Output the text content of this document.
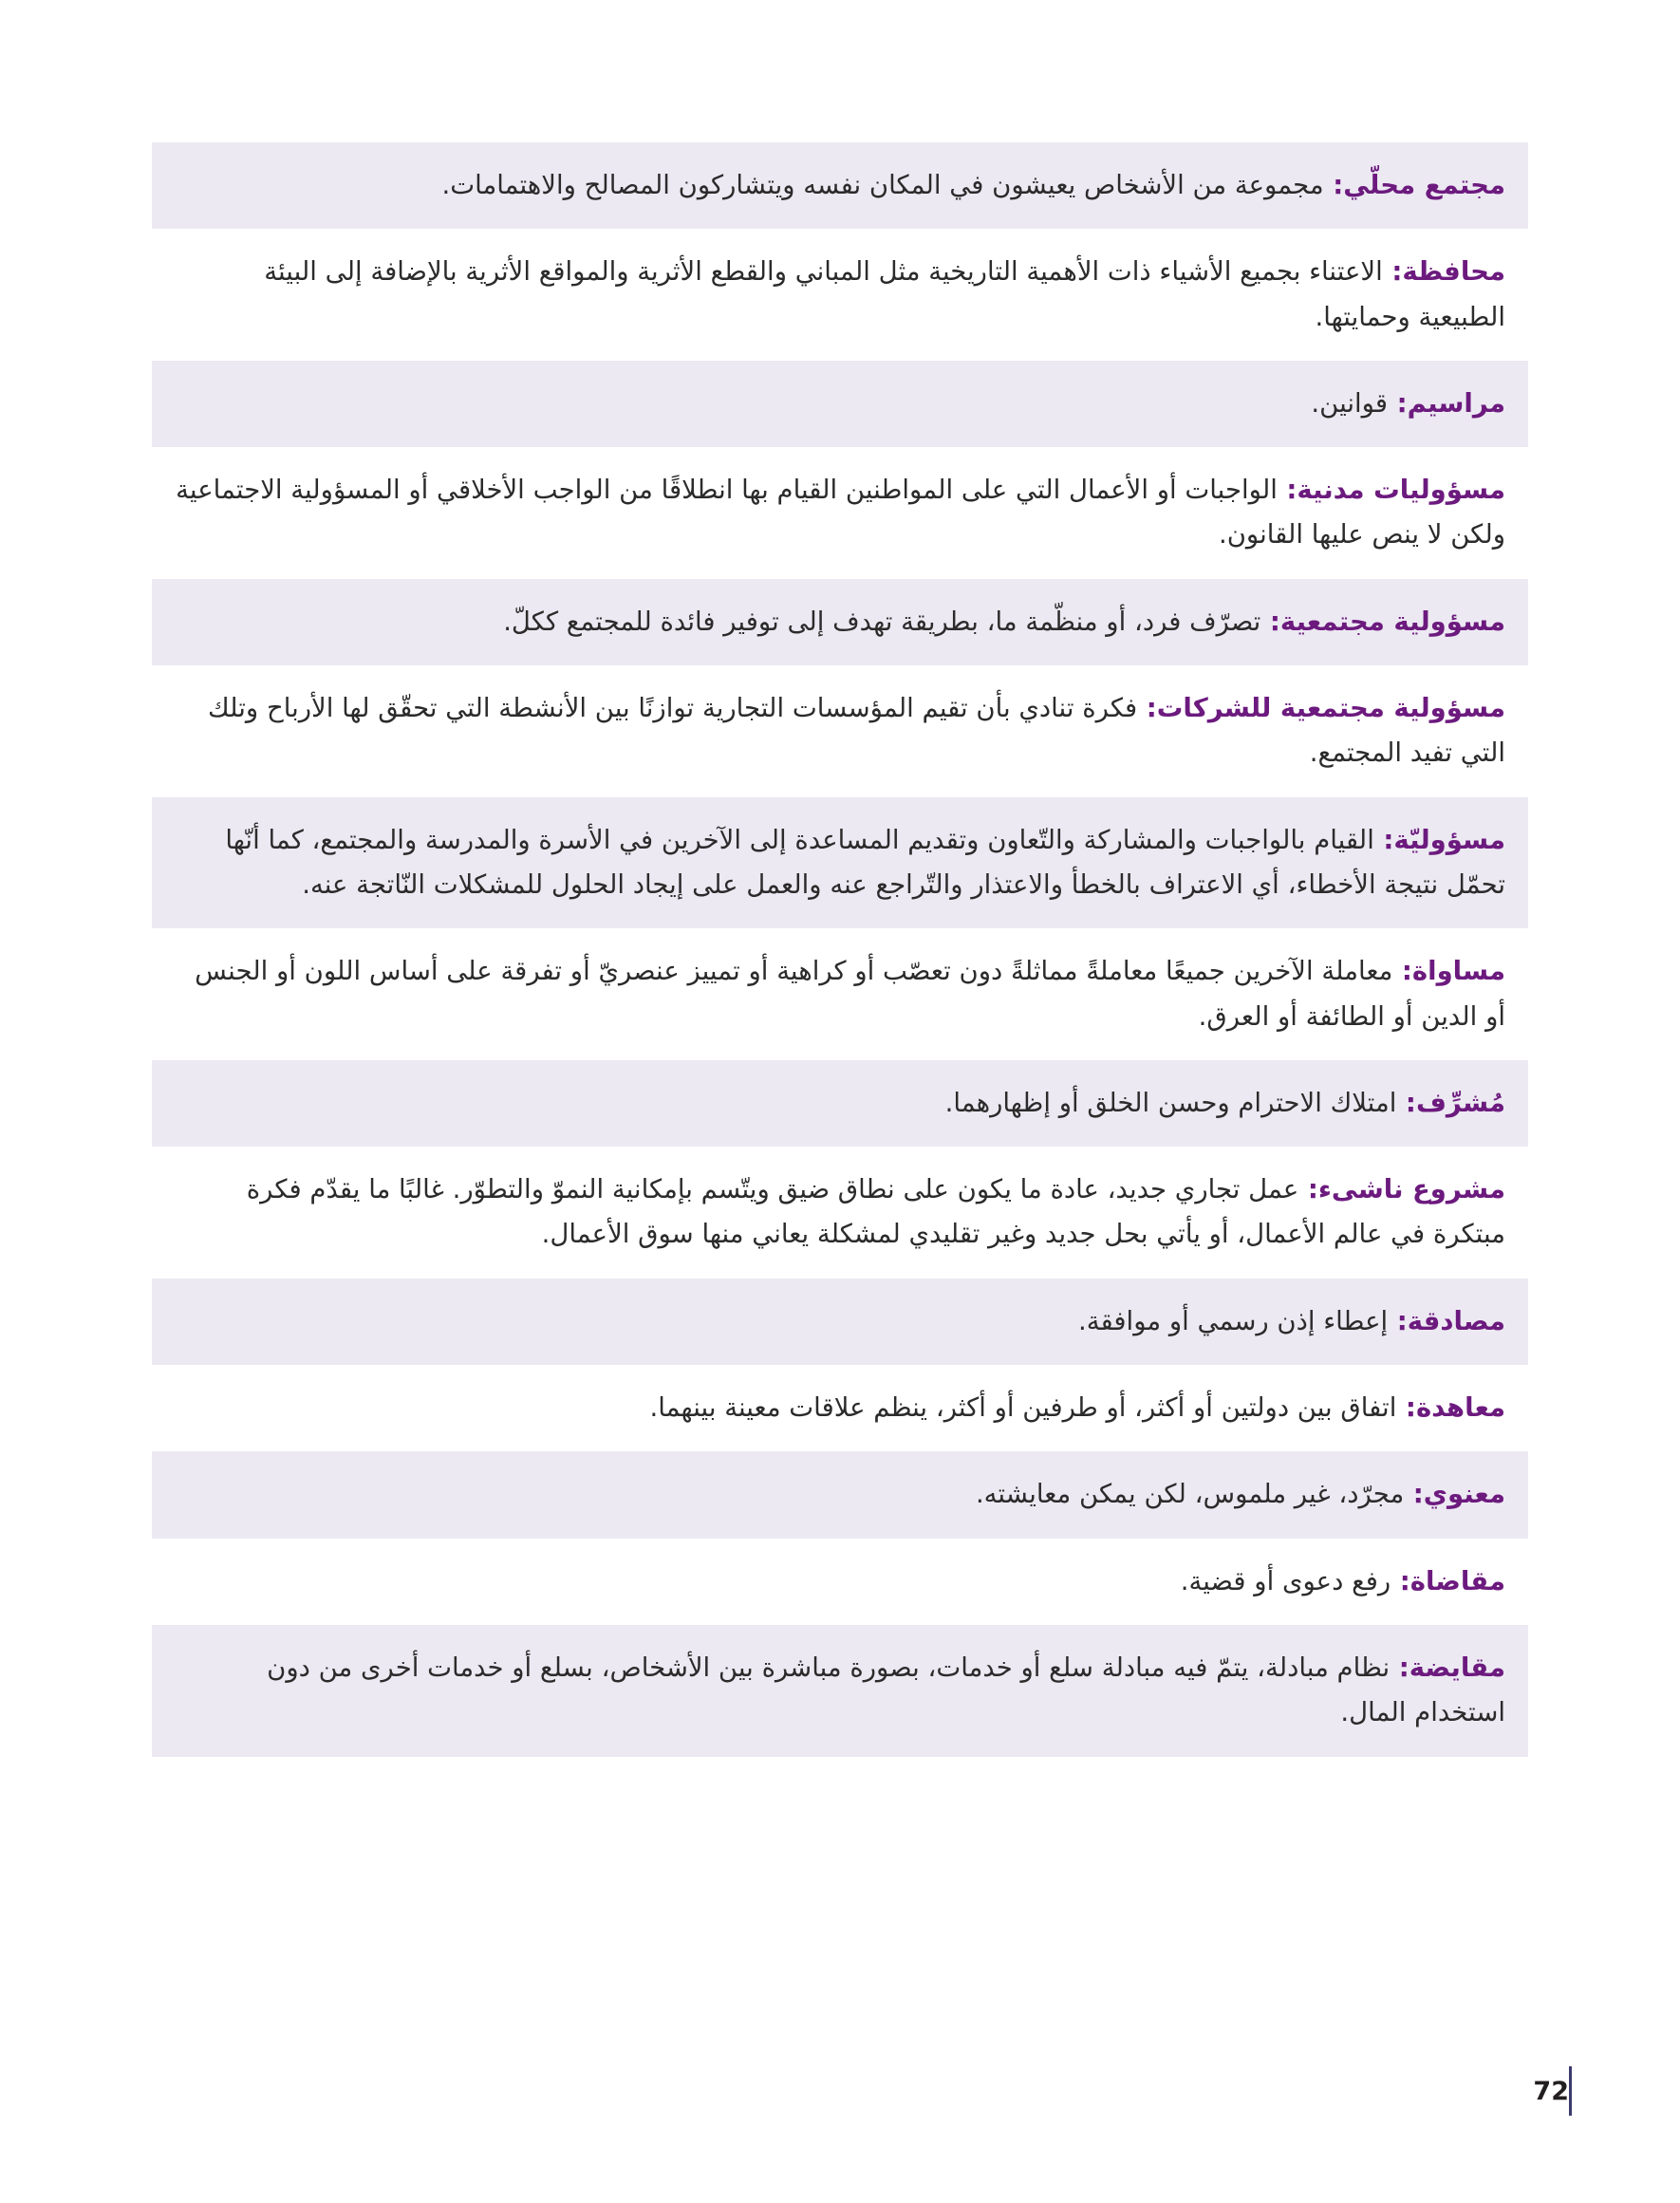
مجتمع محلّي: مجموعة من الأشخاص يعيشون في المكان نفسه ويتشاركون المصالح والاهتمامات.
محافظة: الاعتناء بجميع الأشياء ذات الأهمية التاريخية مثل المباني والقطع الأثرية والمواقع الأثرية بالإضافة إلى البيئة الطبيعية وحمايتها.
مراسيم: قوانين.
مسؤوليات مدنية: الواجبات أو الأعمال التي على المواطنين القيام بها انطلاقًا من الواجب الأخلاقي أو المسؤولية الاجتماعية ولكن لا ينص عليها القانون.
مسؤولية مجتمعية: تصرّف فرد، أو منظّمة ما، بطريقة تهدف إلى توفير فائدة للمجتمع ككلّ.
مسؤولية مجتمعية للشركات: فكرة تنادي بأن تقيم المؤسسات التجارية توازنًا بين الأنشطة التي تحقّق لها الأرباح وتلك التي تفيد المجتمع.
مسؤوليّة: القيام بالواجبات والمشاركة والتّعاون وتقديم المساعدة إلى الآخرين في الأسرة والمدرسة والمجتمع، كما أنّها تحمّل نتيجة الأخطاء، أي الاعتراف بالخطأ والاعتذار والتّراجع عنه والعمل على إيجاد الحلول للمشكلات النّاتجة عنه.
مساواة: معاملة الآخرين جميعًا معاملةً مماثلةً دون تعصّب أو كراهية أو تمييز عنصريّ أو تفرقة على أساس اللون أو الجنس أو الدين أو الطائفة أو العرق.
مُشرِّف: امتلاك الاحترام وحسن الخلق أو إظهارهما.
مشروع ناشىء: عمل تجاري جديد، عادة ما يكون على نطاق ضيق ويتّسم بإمكانية النموّ والتطوّر. غالبًا ما يقدّم فكرة مبتكرة في عالم الأعمال، أو يأتي بحل جديد وغير تقليدي لمشكلة يعاني منها سوق الأعمال.
مصادقة: إعطاء إذن رسمي أو موافقة.
معاهدة: اتفاق بين دولتين أو أكثر، أو طرفين أو أكثر، ينظم علاقات معينة بينهما.
معنوي: مجرّد، غير ملموس، لكن يمكن معايشته.
مقاضاة: رفع دعوى أو قضية.
مقايضة: نظام مبادلة، يتمّ فيه مبادلة سلع أو خدمات، بصورة مباشرة بين الأشخاص، بسلع أو خدمات أخرى من دون استخدام المال.
72
